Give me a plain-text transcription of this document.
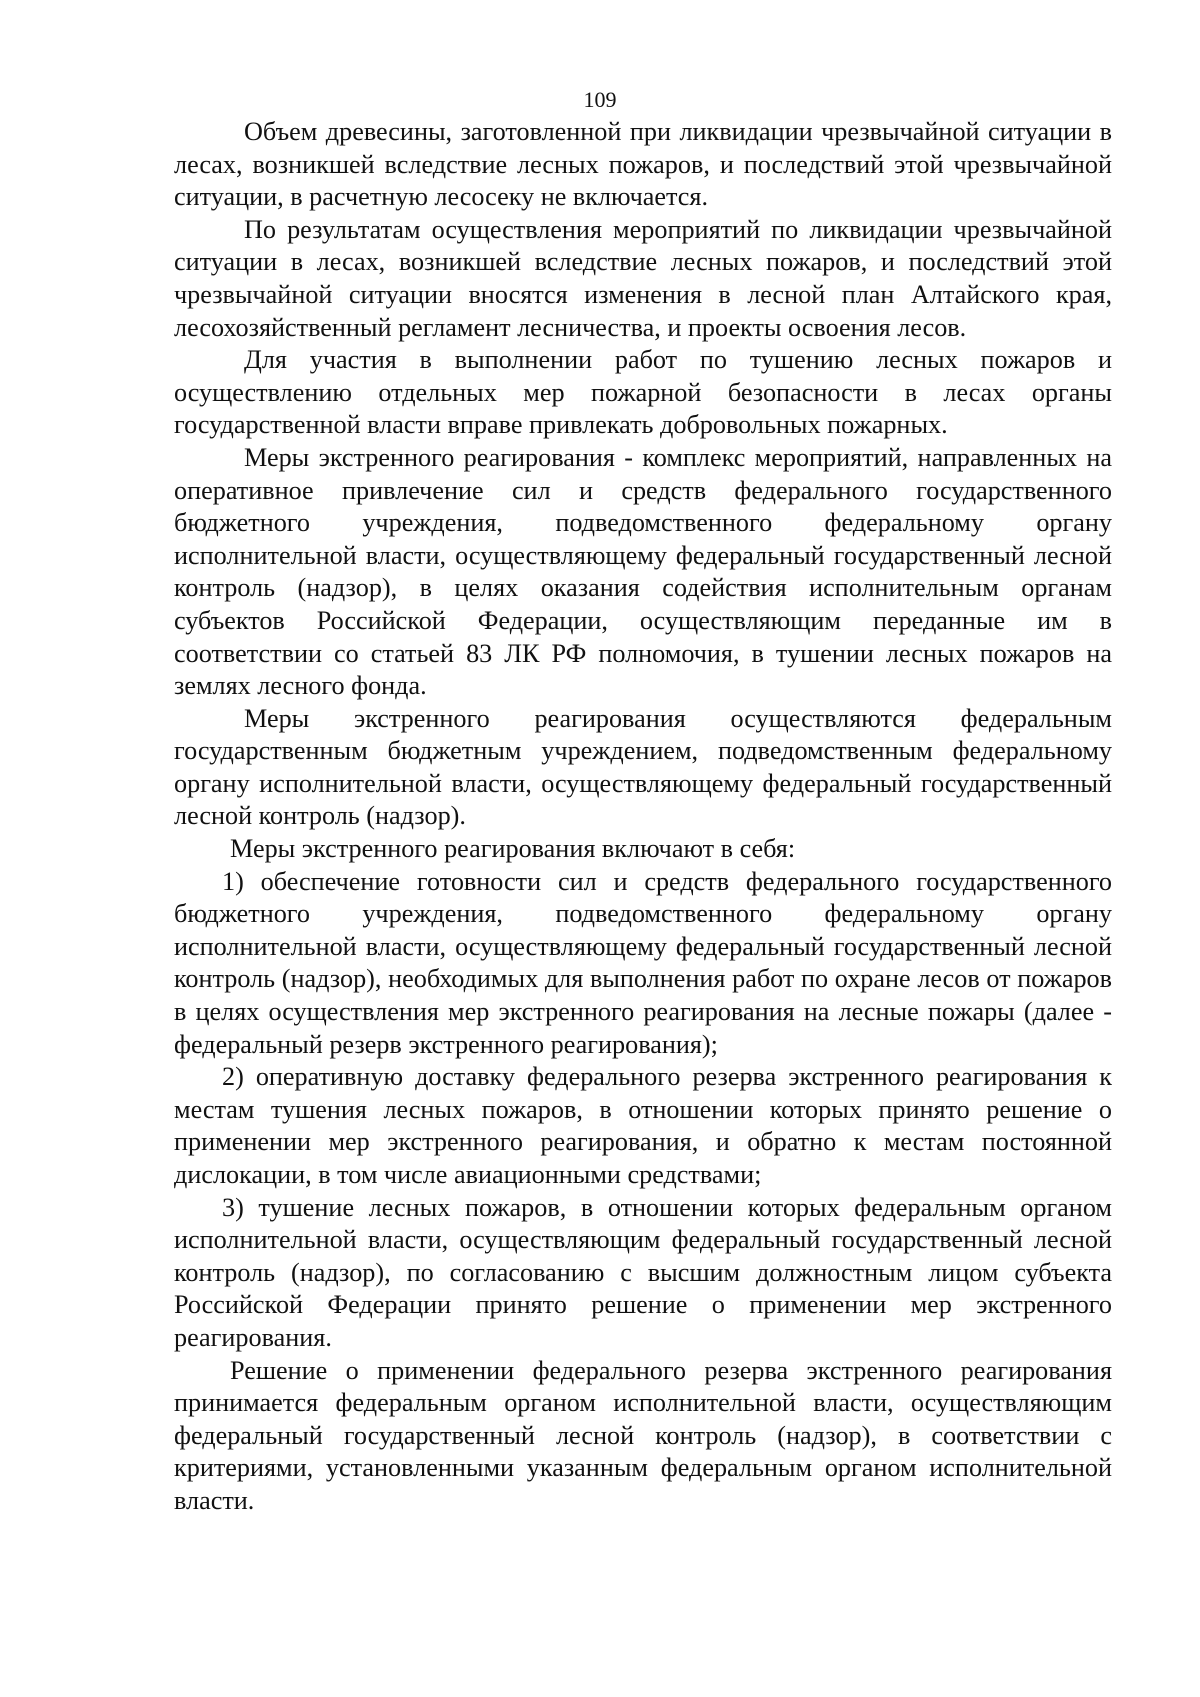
109

Объем древесины, заготовленной при ликвидации чрезвычайной ситуации в лесах, возникшей вследствие лесных пожаров, и последствий этой чрезвычайной ситуации, в расчетную лесосеку не включается.

По результатам осуществления мероприятий по ликвидации чрезвычайной ситуации в лесах, возникшей вследствие лесных пожаров, и последствий этой чрезвычайной ситуации вносятся изменения в лесной план Алтайского края, лесохозяйственный регламент лесничества, и проекты освоения лесов.

Для участия в выполнении работ по тушению лесных пожаров и осуществлению отдельных мер пожарной безопасности в лесах органы государственной власти вправе привлекать добровольных пожарных.

Меры экстренного реагирования - комплекс мероприятий, направленных на оперативное привлечение сил и средств федерального государственного бюджетного учреждения, подведомственного федеральному органу исполнительной власти, осуществляющему федеральный государственный лесной контроль (надзор), в целях оказания содействия исполнительным органам субъектов Российской Федерации, осуществляющим переданные им в соответствии со статьей 83 ЛК РФ полномочия, в тушении лесных пожаров на землях лесного фонда.

Меры экстренного реагирования осуществляются федеральным государственным бюджетным учреждением, подведомственным федеральному органу исполнительной власти, осуществляющему федеральный государственный лесной контроль (надзор).

Меры экстренного реагирования включают в себя:

1) обеспечение готовности сил и средств федерального государственного бюджетного учреждения, подведомственного федеральному органу исполнительной власти, осуществляющему федеральный государственный лесной контроль (надзор), необходимых для выполнения работ по охране лесов от пожаров в целях осуществления мер экстренного реагирования на лесные пожары (далее - федеральный резерв экстренного реагирования);

2) оперативную доставку федерального резерва экстренного реагирования к местам тушения лесных пожаров, в отношении которых принято решение о применении мер экстренного реагирования, и обратно к местам постоянной дислокации, в том числе авиационными средствами;

3) тушение лесных пожаров, в отношении которых федеральным органом исполнительной власти, осуществляющим федеральный государственный лесной контроль (надзор), по согласованию с высшим должностным лицом субъекта Российской Федерации принято решение о применении мер экстренного реагирования.

Решение о применении федерального резерва экстренного реагирования принимается федеральным органом исполнительной власти, осуществляющим федеральный государственный лесной контроль (надзор), в соответствии с критериями, установленными указанным федеральным органом исполнительной власти.
